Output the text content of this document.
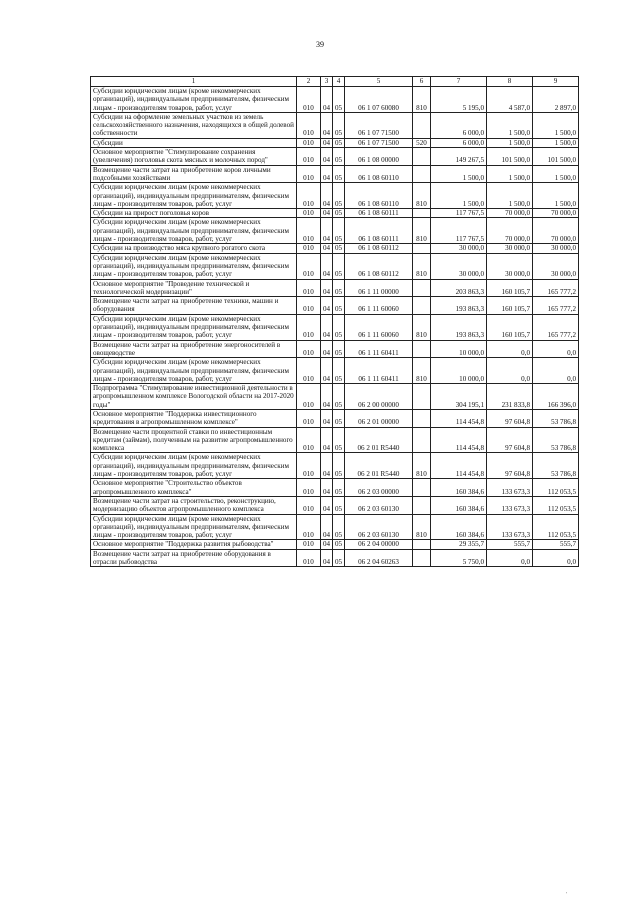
39
1	2	3	4	5	6	7	8	9
Субсидии юридическим лицам (кроме некоммерческих организаций), индивидуальным предпринимателям, физическим лицам - производителям товаров, работ, услуг	010	04	05	06 1 07 60080	810	5 195,0	4 587,0	2 897,0
Субсидии на оформление земельных участков из земель сельскохозяйственного назначения, находящихся в общей долевой собственности	010	04	05	06 1 07 71500		6 000,0	1 500,0	1 500,0
Субсидии	010	04	05	06 1 07 71500	520	6 000,0	1 500,0	1 500,0
Основное мероприятие "Стимулирование сохранения (увеличения) поголовья скота мясных и молочных пород"	010	04	05	06 1 08 00000		149 267,5	101 500,0	101 500,0
Возмещение части затрат на приобретение коров личными подсобными хозяйствами	010	04	05	06 1 08 60110		1 500,0	1 500,0	1 500,0
Субсидии юридическим лицам (кроме некоммерческих организаций), индивидуальным предпринимателям, физическим лицам - производителям товаров, работ, услуг	010	04	05	06 1 08 60110	810	1 500,0	1 500,0	1 500,0
Субсидии на прирост поголовья коров	010	04	05	06 1 08 60111		117 767,5	70 000,0	70 000,0
Субсидии юридическим лицам (кроме некоммерческих организаций), индивидуальным предпринимателям, физическим лицам - производителям товаров, работ, услуг	010	04	05	06 1 08 60111	810	117 767,5	70 000,0	70 000,0
Субсидии на производство мяса крупного рогатого скота	010	04	05	06 1 08 60112		30 000,0	30 000,0	30 000,0
Субсидии юридическим лицам (кроме некоммерческих организаций), индивидуальным предпринимателям, физическим лицам - производителям товаров, работ, услуг	010	04	05	06 1 08 60112	810	30 000,0	30 000,0	30 000,0
Основное мероприятие "Проведение технической и технологической модернизации"	010	04	05	06 1 11 00000		203 863,3	160 105,7	165 777,2
Возмещение части затрат на приобретение техники, машин и оборудования	010	04	05	06 1 11 60060		193 863,3	160 105,7	165 777,2
Субсидии юридическим лицам (кроме некоммерческих организаций), индивидуальным предпринимателям, физическим лицам - производителям товаров, работ, услуг	010	04	05	06 1 11 60060	810	193 863,3	160 105,7	165 777,2
Возмещение части затрат на приобретение энергоносителей в овощеводстве	010	04	05	06 1 11 60411		10 000,0	0,0	0,0
Субсидии юридическим лицам (кроме некоммерческих организаций), индивидуальным предпринимателям, физическим лицам - производителям товаров, работ, услуг	010	04	05	06 1 11 60411	810	10 000,0	0,0	0,0
Подпрограмма "Стимулирование инвестиционной деятельности в агропромышленном комплексе Вологодской области на 2017-2020 годы"	010	04	05	06 2 00 00000		304 195,1	231 833,8	166 396,0
Основное мероприятие "Поддержка инвестиционного кредитования в агропромышленном комплексе"	010	04	05	06 2 01 00000		114 454,8	97 604,8	53 786,8
Возмещение части процентной ставки по инвестиционным кредитам (займам), полученным на развитие агропромышленного комплекса	010	04	05	06 2 01 R5440		114 454,8	97 604,8	53 786,8
Субсидии юридическим лицам (кроме некоммерческих организаций), индивидуальным предпринимателям, физическим лицам - производителям товаров, работ, услуг	010	04	05	06 2 01 R5440	810	114 454,8	97 604,8	53 786,8
Основное мероприятие "Строительство объектов агропромышленного комплекса"	010	04	05	06 2 03 00000		160 384,6	133 673,3	112 053,5
Возмещение части затрат на строительство, реконструкцию, модернизацию объектов агропромышленного комплекса	010	04	05	06 2 03 60130		160 384,6	133 673,3	112 053,5
Субсидии юридическим лицам (кроме некоммерческих организаций), индивидуальным предпринимателям, физическим лицам - производителям товаров, работ, услуг	010	04	05	06 2 03 60130	810	160 384,6	133 673,3	112 053,5
Основное мероприятие "Поддержка развития рыбоводства"	010	04	05	06 2 04 00000		29 355,7	555,7	555,7
Возмещение части затрат на приобретение оборудования в отрасли рыбоводства	010	04	05	06 2 04 60263		5 750,0	0,0	0,0
'
